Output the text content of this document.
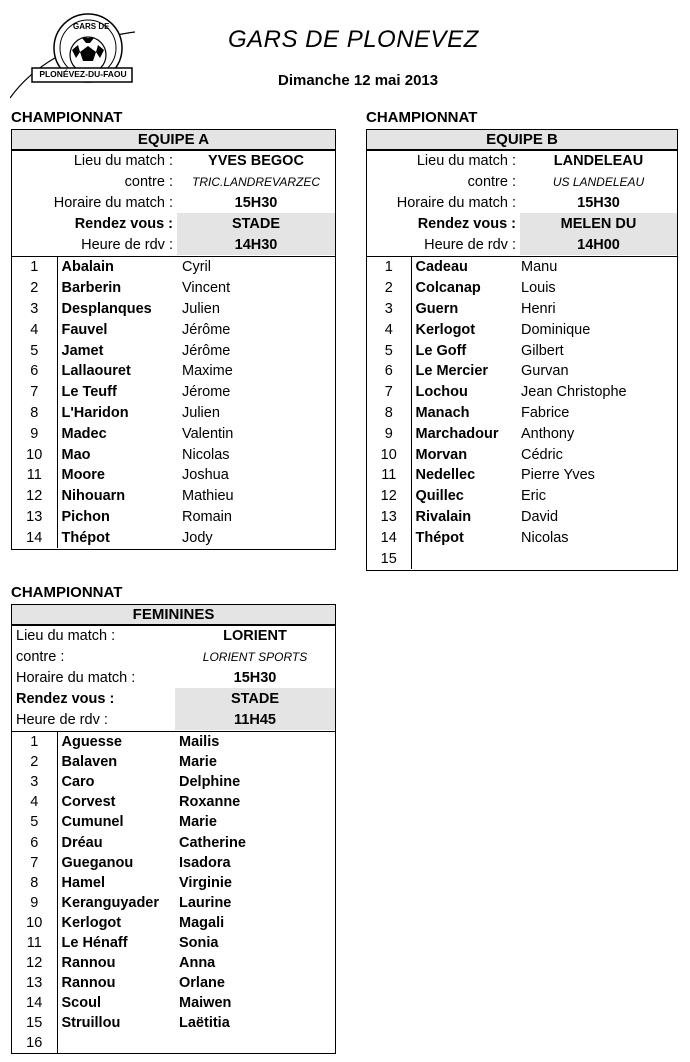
GARS DE
PLONÉVEZ-DU-FAOU
GARS DE PLONEVEZ
Dimanche 12 mai 2013
CHAMPIONNAT
EQUIPE A
Lieu du match :	YVES BEGOC
contre :	TRIC.LANDREVARZEC
Horaire du match :	15H30
Rendez vous :	STADE
Heure de rdv :	14H30
1	Abalain	Cyril
2	Barberin	Vincent
3	Desplanques	Julien
4	Fauvel	Jérôme
5	Jamet	Jérôme
6	Lallaouret	Maxime
7	Le Teuff	Jérome
8	L'Haridon	Julien
9	Madec	Valentin
10	Mao	Nicolas
11	Moore	Joshua
12	Nihouarn	Mathieu
13	Pichon	Romain
14	Thépot	Jody
CHAMPIONNAT
EQUIPE B
Lieu du match :	LANDELEAU
contre :	US LANDELEAU
Horaire du match :	15H30
Rendez vous :	MELEN DU
Heure de rdv :	14H00
1	Cadeau	Manu
2	Colcanap	Louis
3	Guern	Henri
4	Kerlogot	Dominique
5	Le Goff	Gilbert
6	Le Mercier	Gurvan
7	Lochou	Jean Christophe
8	Manach	Fabrice
9	Marchadour	Anthony
10	Morvan	Cédric
11	Nedellec	Pierre Yves
12	Quillec	Eric
13	Rivalain	David
14	Thépot	Nicolas
15		
CHAMPIONNAT
FEMININES
Lieu du match :	LORIENT
contre :	LORIENT SPORTS
Horaire du match :	15H30
Rendez vous :	STADE
Heure de rdv :	11H45
1	Aguesse	Mailis
2	Balaven	Marie
3	Caro	Delphine
4	Corvest	Roxanne
5	Cumunel	Marie
6	Dréau	Catherine
7	Gueganou	Isadora
8	Hamel	Virginie
9	Keranguyader	Laurine
10	Kerlogot	Magali
11	Le Hénaff	Sonia
12	Rannou	Anna
13	Rannou	Orlane
14	Scoul	Maiwen
15	Struillou	Laëtitia
16		
